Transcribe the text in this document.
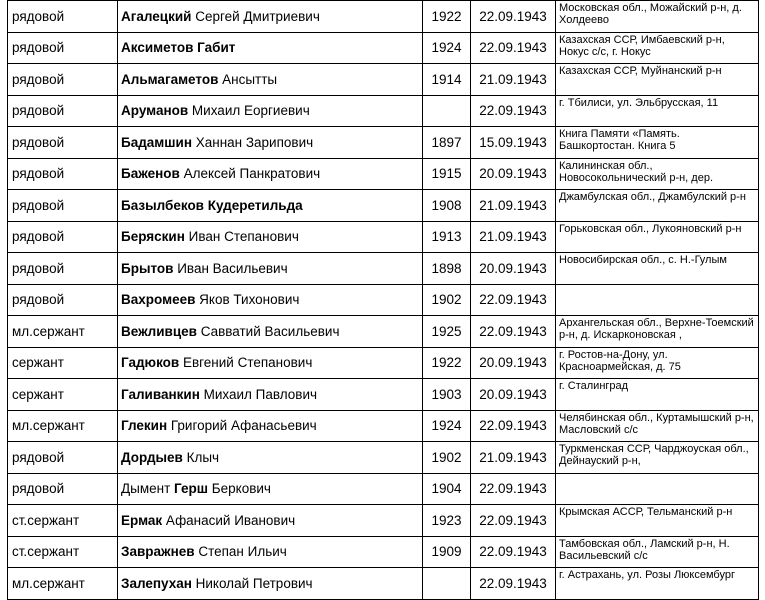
рядовой	Агалецкий Сергей Дмитриевич	1922	22.09.1943	Московская обл., Можайский р-н, д. Холдеево
рядовой	Аксиметов Габит	1924	22.09.1943	Казахская ССР, Имбаевский р-н, Нокус с/с, г. Нокус
рядовой	Альмагаметов Ансытты	1914	21.09.1943	Казахская ССР, Муйнанский р-н
рядовой	Аруманов Михаил Еоргиевич		22.09.1943	г. Тбилиси, ул. Эльбрусская, 11
рядовой	Бадамшин Ханнан Зарипович	1897	15.09.1943	Книга Памяти «Память. Башкортостан. Книга 5
рядовой	Баженов Алексей Панкратович	1915	20.09.1943	Калининская обл., Новосокольнический р-н, дер.
рядовой	Базылбеков Кудеретильда	1908	21.09.1943	Джамбулская обл., Джамбулский р-н
рядовой	Беряскин Иван Степанович	1913	21.09.1943	Горьковская обл., Лукояновский р-н
рядовой	Брытов Иван Васильевич	1898	20.09.1943	Новосибирская обл., с. Н.-Гулым
рядовой	Вахромеев Яков Тихонович	1902	22.09.1943	
мл.сержант	Вежливцев Савватий Васильевич	1925	22.09.1943	Архангельская обл., Верхне-Тоемский р-н, д. Искарконовская ,
сержант	Гадюков Евгений Степанович	1922	20.09.1943	г. Ростов-на-Дону, ул. Красноармейская, д. 75
сержант	Галиванкин Михаил Павлович	1903	20.09.1943	г. Сталинград
мл.сержант	Глекин Григорий Афанасьевич	1924	22.09.1943	Челябинская обл., Куртамышский р-н, Масловский с/с
рядовой	Дордыев Клыч	1902	21.09.1943	Туркменская ССР, Чарджоуская обл., Дейнауский р-н,
рядовой	Дымент Герш Беркович	1904	22.09.1943	
ст.сержант	Ермак Афанасий Иванович	1923	22.09.1943	Крымская АССР, Тельманский р-н
ст.сержант	Завражнев Степан Ильич	1909	22.09.1943	Тамбовская обл., Ламский р-н, Н. Васильевский с/с
мл.сержант	Залепухан Николай Петрович		22.09.1943	г. Астрахань, ул. Розы Люксембург
